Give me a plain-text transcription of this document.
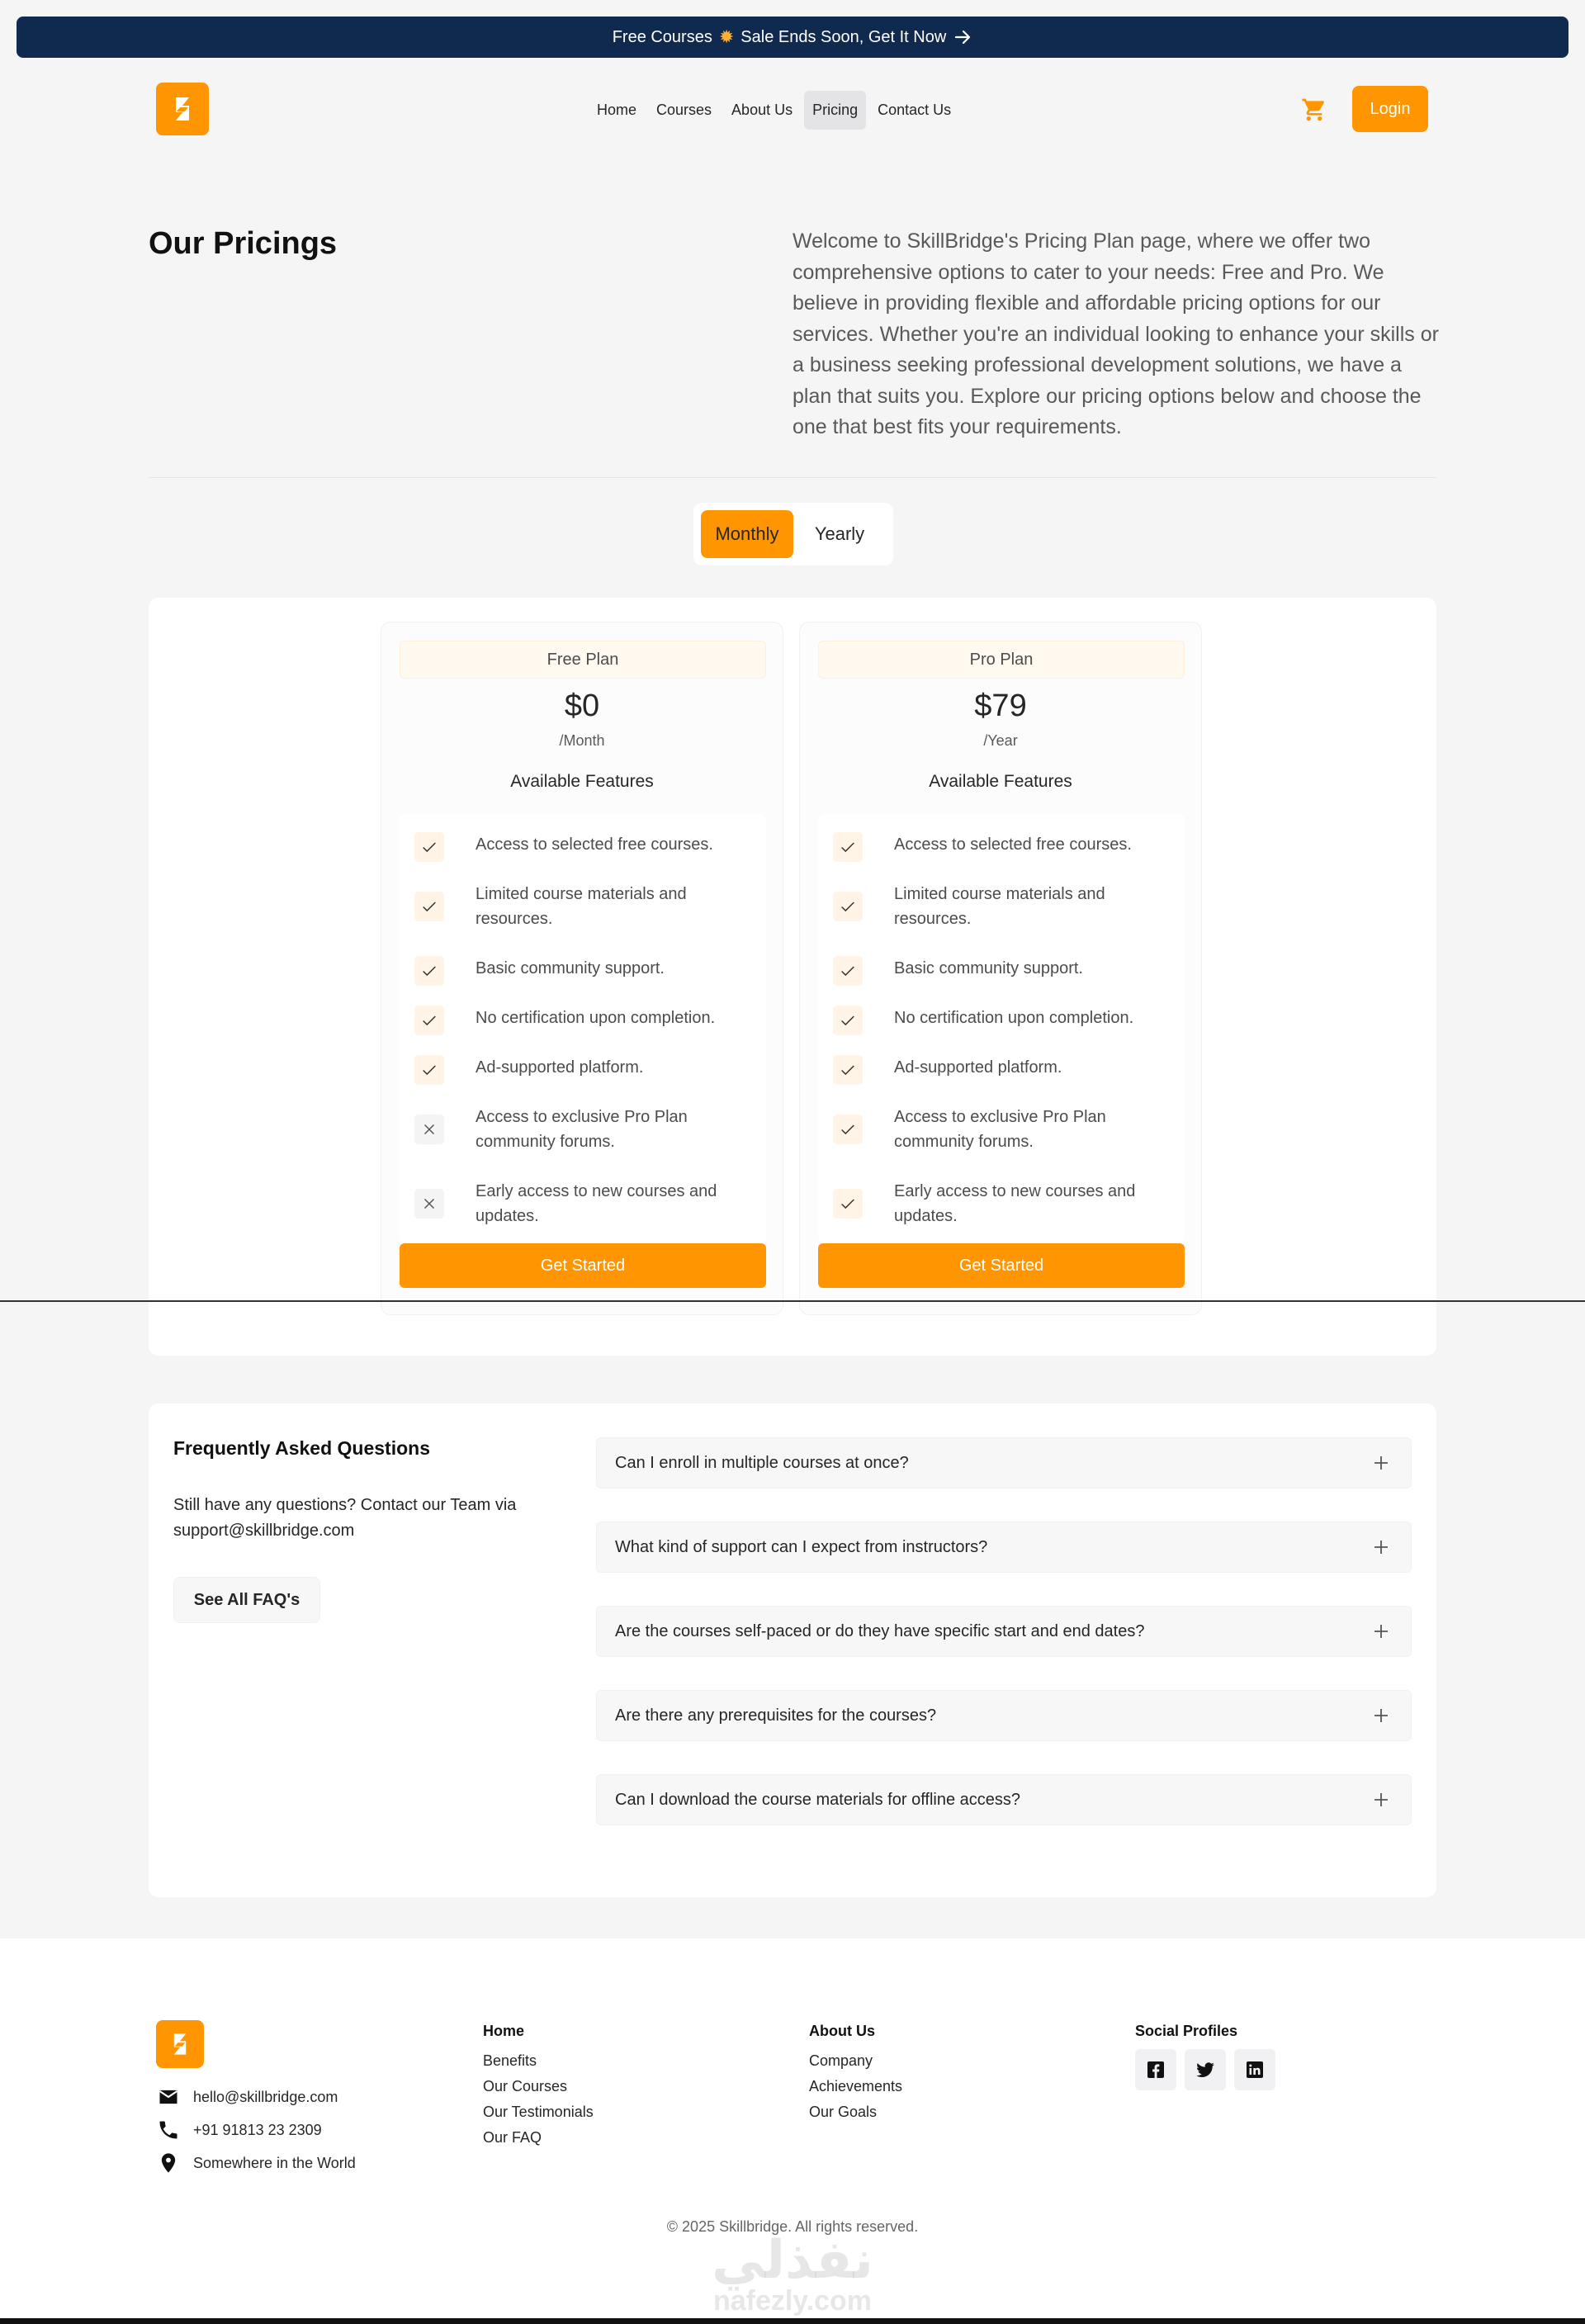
Free Courses ✹ Sale Ends Soon, Get It Now
Home	Courses	About Us	Pricing	Contact Us	Login
Our Pricings	Welcome to SkillBridge's Pricing Plan page, where we offer two comprehensive options to cater to your needs: Free and Pro. We believe in providing flexible and affordable pricing options for our services. Whether you're an individual looking to enhance your skills or a business seeking professional development solutions, we have a plan that suits you. Explore our pricing options below and choose the one that best fits your requirements.

Monthly	Yearly
Free Plan
$0
/Month
Available Features
Access to selected free courses.
Limited course materials and resources.
Basic community support.
No certification upon completion.
Ad-supported platform.
Access to exclusive Pro Plan community forums.
Early access to new courses and updates.
Get Started
Pro Plan
$79
/Year
Available Features
Access to selected free courses.
Limited course materials and resources.
Basic community support.
No certification upon completion.
Ad-supported platform.
Access to exclusive Pro Plan community forums.
Early access to new courses and updates.
Get Started
Frequently Asked Questions

Still have any questions? Contact our Team via support@skillbridge.com

See All FAQ's
Can I enroll in multiple courses at once?
What kind of support can I expect from instructors?
Are the courses self-paced or do they have specific start and end dates?
Are there any prerequisites for the courses?
Can I download the course materials for offline access?
hello@skillbridge.com
+91 91813 23 2309
Somewhere in the World
Home
Benefits
Our Courses
Our Testimonials
Our FAQ
About Us
Company
Achievements
Our Goals
Social Profiles
© 2025 Skillbridge. All rights reserved.
نفذلي
nafezly.com
